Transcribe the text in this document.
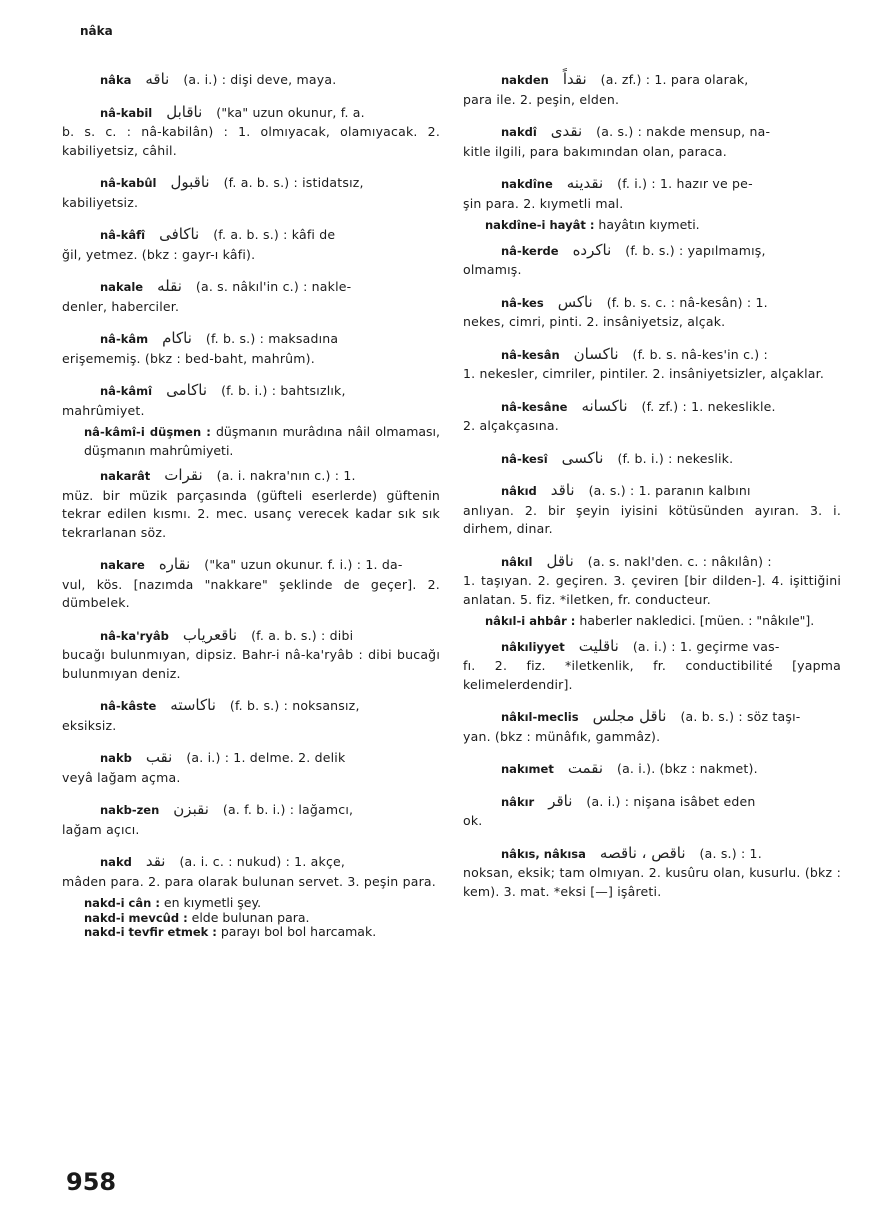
nâka
nâka ناقه (a. i.) : dişi deve, maya.
nâ-kabil ناقابل ("ka" uzun okunur, f. a.
b. s. c. : nâ-kabilân) : 1. olmıyacak, olamıyacak. 2. kabiliyetsiz, câhil.
nâ-kabûl ناقبول (f. a. b. s.) : istidatsız,
kabiliyetsiz.
nâ-kâfî ناكافى (f. a. b. s.) : kâfi de
ğil, yetmez. (bkz : gayr-ı kâfi).
nakale نقله (a. s. nâkıl'in c.) : nakle-
denler, haberciler.
nâ-kâm ناكام (f. b. s.) : maksadına
erişememiş. (bkz : bed-baht, mahrûm).
nâ-kâmî ناكامى (f. b. i.) : bahtsızlık,
mahrûmiyet.
nâ-kâmî-i düşmen : düşmanın murâdına nâil olmaması, düşmanın mahrûmiyeti.
nakarât نقرات (a. i. nakra'nın c.) : 1.
müz. bir müzik parçasında (güfteli eserlerde) güftenin tekrar edilen kısmı. 2. mec. usanç verecek kadar sık sık tekrarlanan söz.
nakare نقاره ("ka" uzun okunur. f. i.) : 1. da-
vul, kös. [nazımda "nakkare" şeklinde de geçer]. 2. dümbelek.
nâ-ka'ryâb ناقعرياب (f. a. b. s.) : dibi
bucağı bulunmıyan, dipsiz. Bahr-i nâ-ka'ryâb : dibi bucağı bulunmıyan deniz.
nâ-kâste ناكاسته (f. b. s.) : noksansız,
eksiksiz.
nakb نقب (a. i.) : 1. delme. 2. delik
veyâ lağam açma.
nakb-zen نقبزن (a. f. b. i.) : lağamcı,
lağam açıcı.
nakd نقد (a. i. c. : nukud) : 1. akçe,
mâden para. 2. para olarak bulunan servet. 3. peşin para.
nakd-i cân : en kıymetli şey.
nakd-i mevcûd : elde bulunan para.
nakd-i tevfir etmek : parayı bol bol harcamak.
nakden نقداً (a. zf.) : 1. para olarak,
para ile. 2. peşin, elden.
nakdî نقدى (a. s.) : nakde mensup, na-
kitle ilgili, para bakımından olan, paraca.
nakdîne نقدينه (f. i.) : 1. hazır ve pe-
şin para. 2. kıymetli mal.
nakdîne-i hayât : hayâtın kıymeti.
nâ-kerde ناكرده (f. b. s.) : yapılmamış,
olmamış.
nâ-kes ناكس (f. b. s. c. : nâ-kesân) : 1.
nekes, cimri, pinti. 2. insâniyetsiz, alçak.
nâ-kesân ناكسان (f. b. s. nâ-kes'in c.) :
1. nekesler, cimriler, pintiler. 2. insâniyetsizler, alçaklar.
nâ-kesâne ناكسانه (f. zf.) : 1. nekeslikle.
2. alçakçasına.
nâ-kesî ناكسى (f. b. i.) : nekeslik.
nâkıd ناقد (a. s.) : 1. paranın kalbını
anlıyan. 2. bir şeyin iyisini kötüsünden ayıran. 3. i. dirhem, dinar.
nâkıl ناقل (a. s. nakl'den. c. : nâkılân) :
1. taşıyan. 2. geçiren. 3. çeviren [bir dilden-]. 4. işittiğini anlatan. 5. fiz. *iletken, fr. conducteur.
nâkıl-i ahbâr : haberler nakledici. [müen. : "nâkıle"].
nâkıliyyet ناقليت (a. i.) : 1. geçirme vas-
fı. 2. fiz. *iletkenlik, fr. conductibilité [yapma kelimelerdendir].
nâkıl-meclis ناقل مجلس (a. b. s.) : söz taşı-
yan. (bkz : münâfık, gammâz).
nakımet نقمت (a. i.). (bkz : nakmet).
nâkır ناقر (a. i.) : nişana isâbet eden
ok.
nâkıs, nâkısa ناقص ، ناقصه (a. s.) : 1.
noksan, eksik; tam olmıyan. 2. kusûru olan, kusurlu. (bkz : kem). 3. mat. *eksi [—] işâreti.
958
